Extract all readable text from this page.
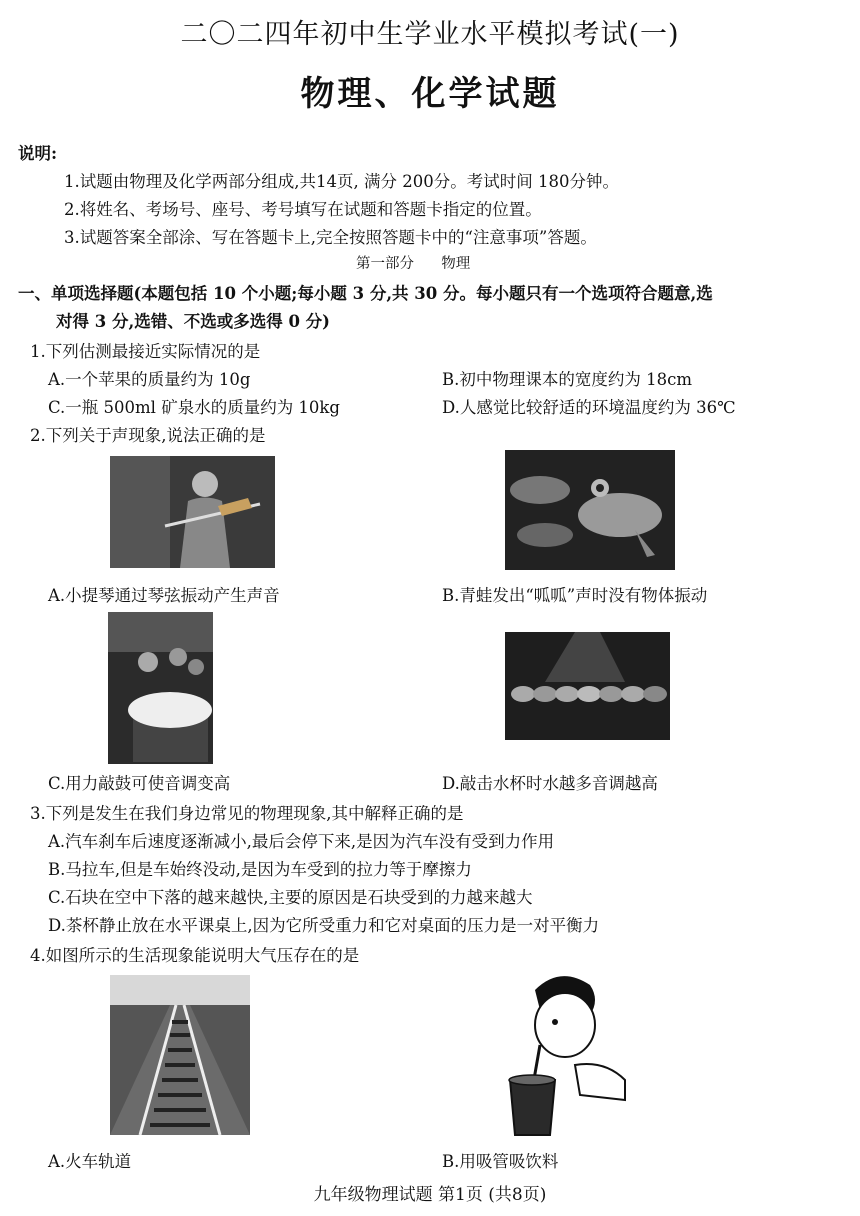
二〇二四年初中生学业水平模拟考试(一)
物理、化学试题
说明:
1.试题由物理及化学两部分组成,共14页, 满分 200分。考试时间 180分钟。
2.将姓名、考场号、座号、考号填写在试题和答题卡指定的位置。
3.试题答案全部涂、写在答题卡上,完全按照答题卡中的“注意事项”答题。
第一部分 物理
一、单项选择题(本题包括 10 个小题;每小题 3 分,共 30 分。每小题只有一个选项符合题意,选
对得 3 分,选错、不选或多选得 0 分)
1.下列估测最接近实际情况的是
A.一个苹果的质量约为 10g	B.初中物理课本的宽度约为 18cm
C.一瓶 500ml 矿泉水的质量约为 10kg	D.人感觉比较舒适的环境温度约为 36℃
2.下列关于声现象,说法正确的是
A.小提琴通过琴弦振动产生声音	B.青蛙发出“呱呱”声时没有物体振动
C.用力敲鼓可使音调变高	D.敲击水杯时水越多音调越高
3.下列是发生在我们身边常见的物理现象,其中解释正确的是
A.汽车刹车后速度逐渐减小,最后会停下来,是因为汽车没有受到力作用
B.马拉车,但是车始终没动,是因为车受到的拉力等于摩擦力
C.石块在空中下落的越来越快,主要的原因是石块受到的力越来越大
D.茶杯静止放在水平课桌上,因为它所受重力和它对桌面的压力是一对平衡力
4.如图所示的生活现象能说明大气压存在的是
A.火车轨道	B.用吸管吸饮料
九年级物理试题 第1页 (共8页)
